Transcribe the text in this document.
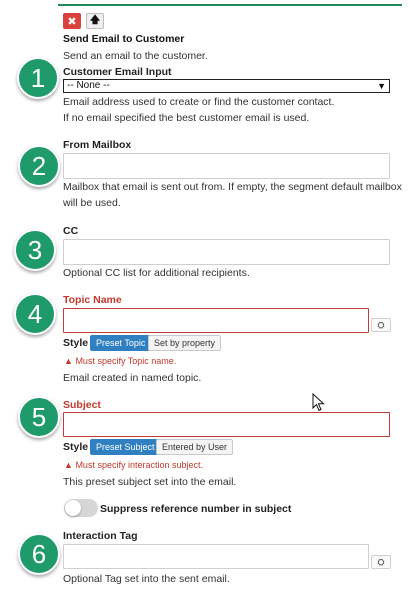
✖ 🡅
Send Email to Customer
Send an email to the customer.
Customer Email Input
-- None --	▼
Email address used to create or find the customer contact.
If no email specified the best customer email is used.
From Mailbox
Mailbox that email is sent out from. If empty, the segment default mailbox
will be used.
CC
Optional CC list for additional recipients.
Topic Name
⛭
Style Preset Topic Set by property
▲ Must specify Topic name.
Email created in named topic.
Subject
Style Preset Subject Entered by User
▲ Must specify interaction subject.
This preset subject set into the email.
Suppress reference number in subject
Interaction Tag
⛭
Optional Tag set into the sent email.
1
2
3
4
5
6
